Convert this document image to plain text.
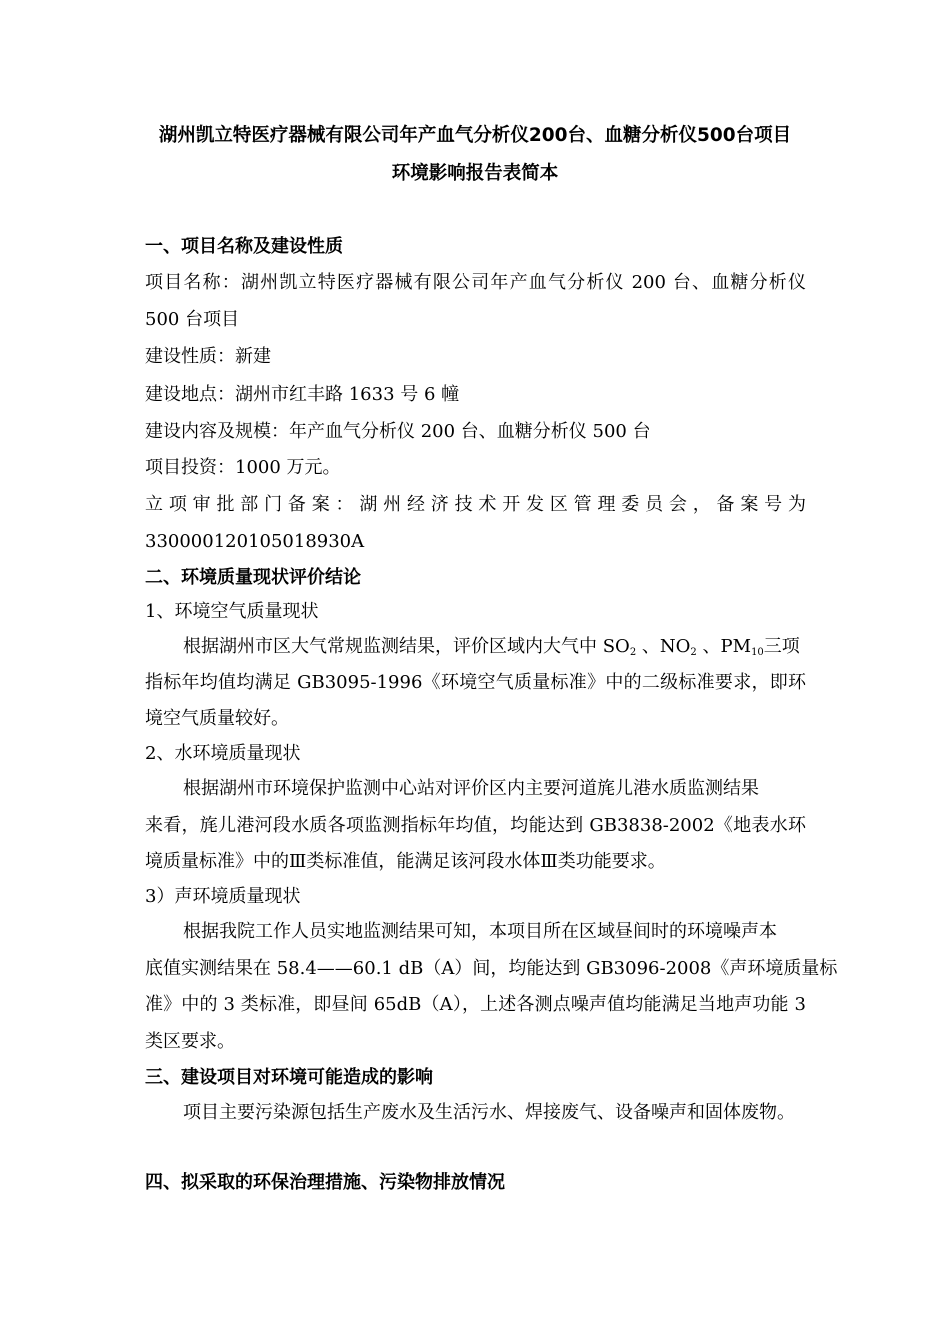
湖州凯立特医疗器械有限公司年产血气分析仪200台、血糖分析仪500台项目
环境影响报告表简本
一、项目名称及建设性质
项目名称：湖州凯立特医疗器械有限公司年产血气分析仪 200 台、血糖分析仪
500 台项目
建设性质：新建
建设地点：湖州市红丰路 1633 号 6 幢
建设内容及规模：年产血气分析仪 200 台、血糖分析仪 500 台
项目投资：1000 万元。
立项审批部门备案：湖州经济技术开发区管理委员会，备案号为
330000120105018930A
二、环境质量现状评价结论
1、环境空气质量现状
根据湖州市区大气常规监测结果，评价区域内大气中 $SO_2$ 、$NO_2$ 、$PM_{10}$三项
指标年均值均满足 GB3095-1996《环境空气质量标准》中的二级标准要求，即环
境空气质量较好。
2、水环境质量现状
根据湖州市环境保护监测中心站对评价区内主要河道旄儿港水质监测结果
来看，旄儿港河段水质各项监测指标年均值，均能达到 GB3838-2002《地表水环
境质量标准》中的Ⅲ类标准值，能满足该河段水体Ⅲ类功能要求。
3）声环境质量现状
根据我院工作人员实地监测结果可知，本项目所在区域昼间时的环境噪声本
底值实测结果在 58.4——60.1 dB（A）间，均能达到 GB3096-2008《声环境质量标
准》中的 3 类标准，即昼间 65dB（A），上述各测点噪声值均能满足当地声功能 3
类区要求。
三、建设项目对环境可能造成的影响
项目主要污染源包括生产废水及生活污水、焊接废气、设备噪声和固体废物。
四、拟采取的环保治理措施、污染物排放情况
